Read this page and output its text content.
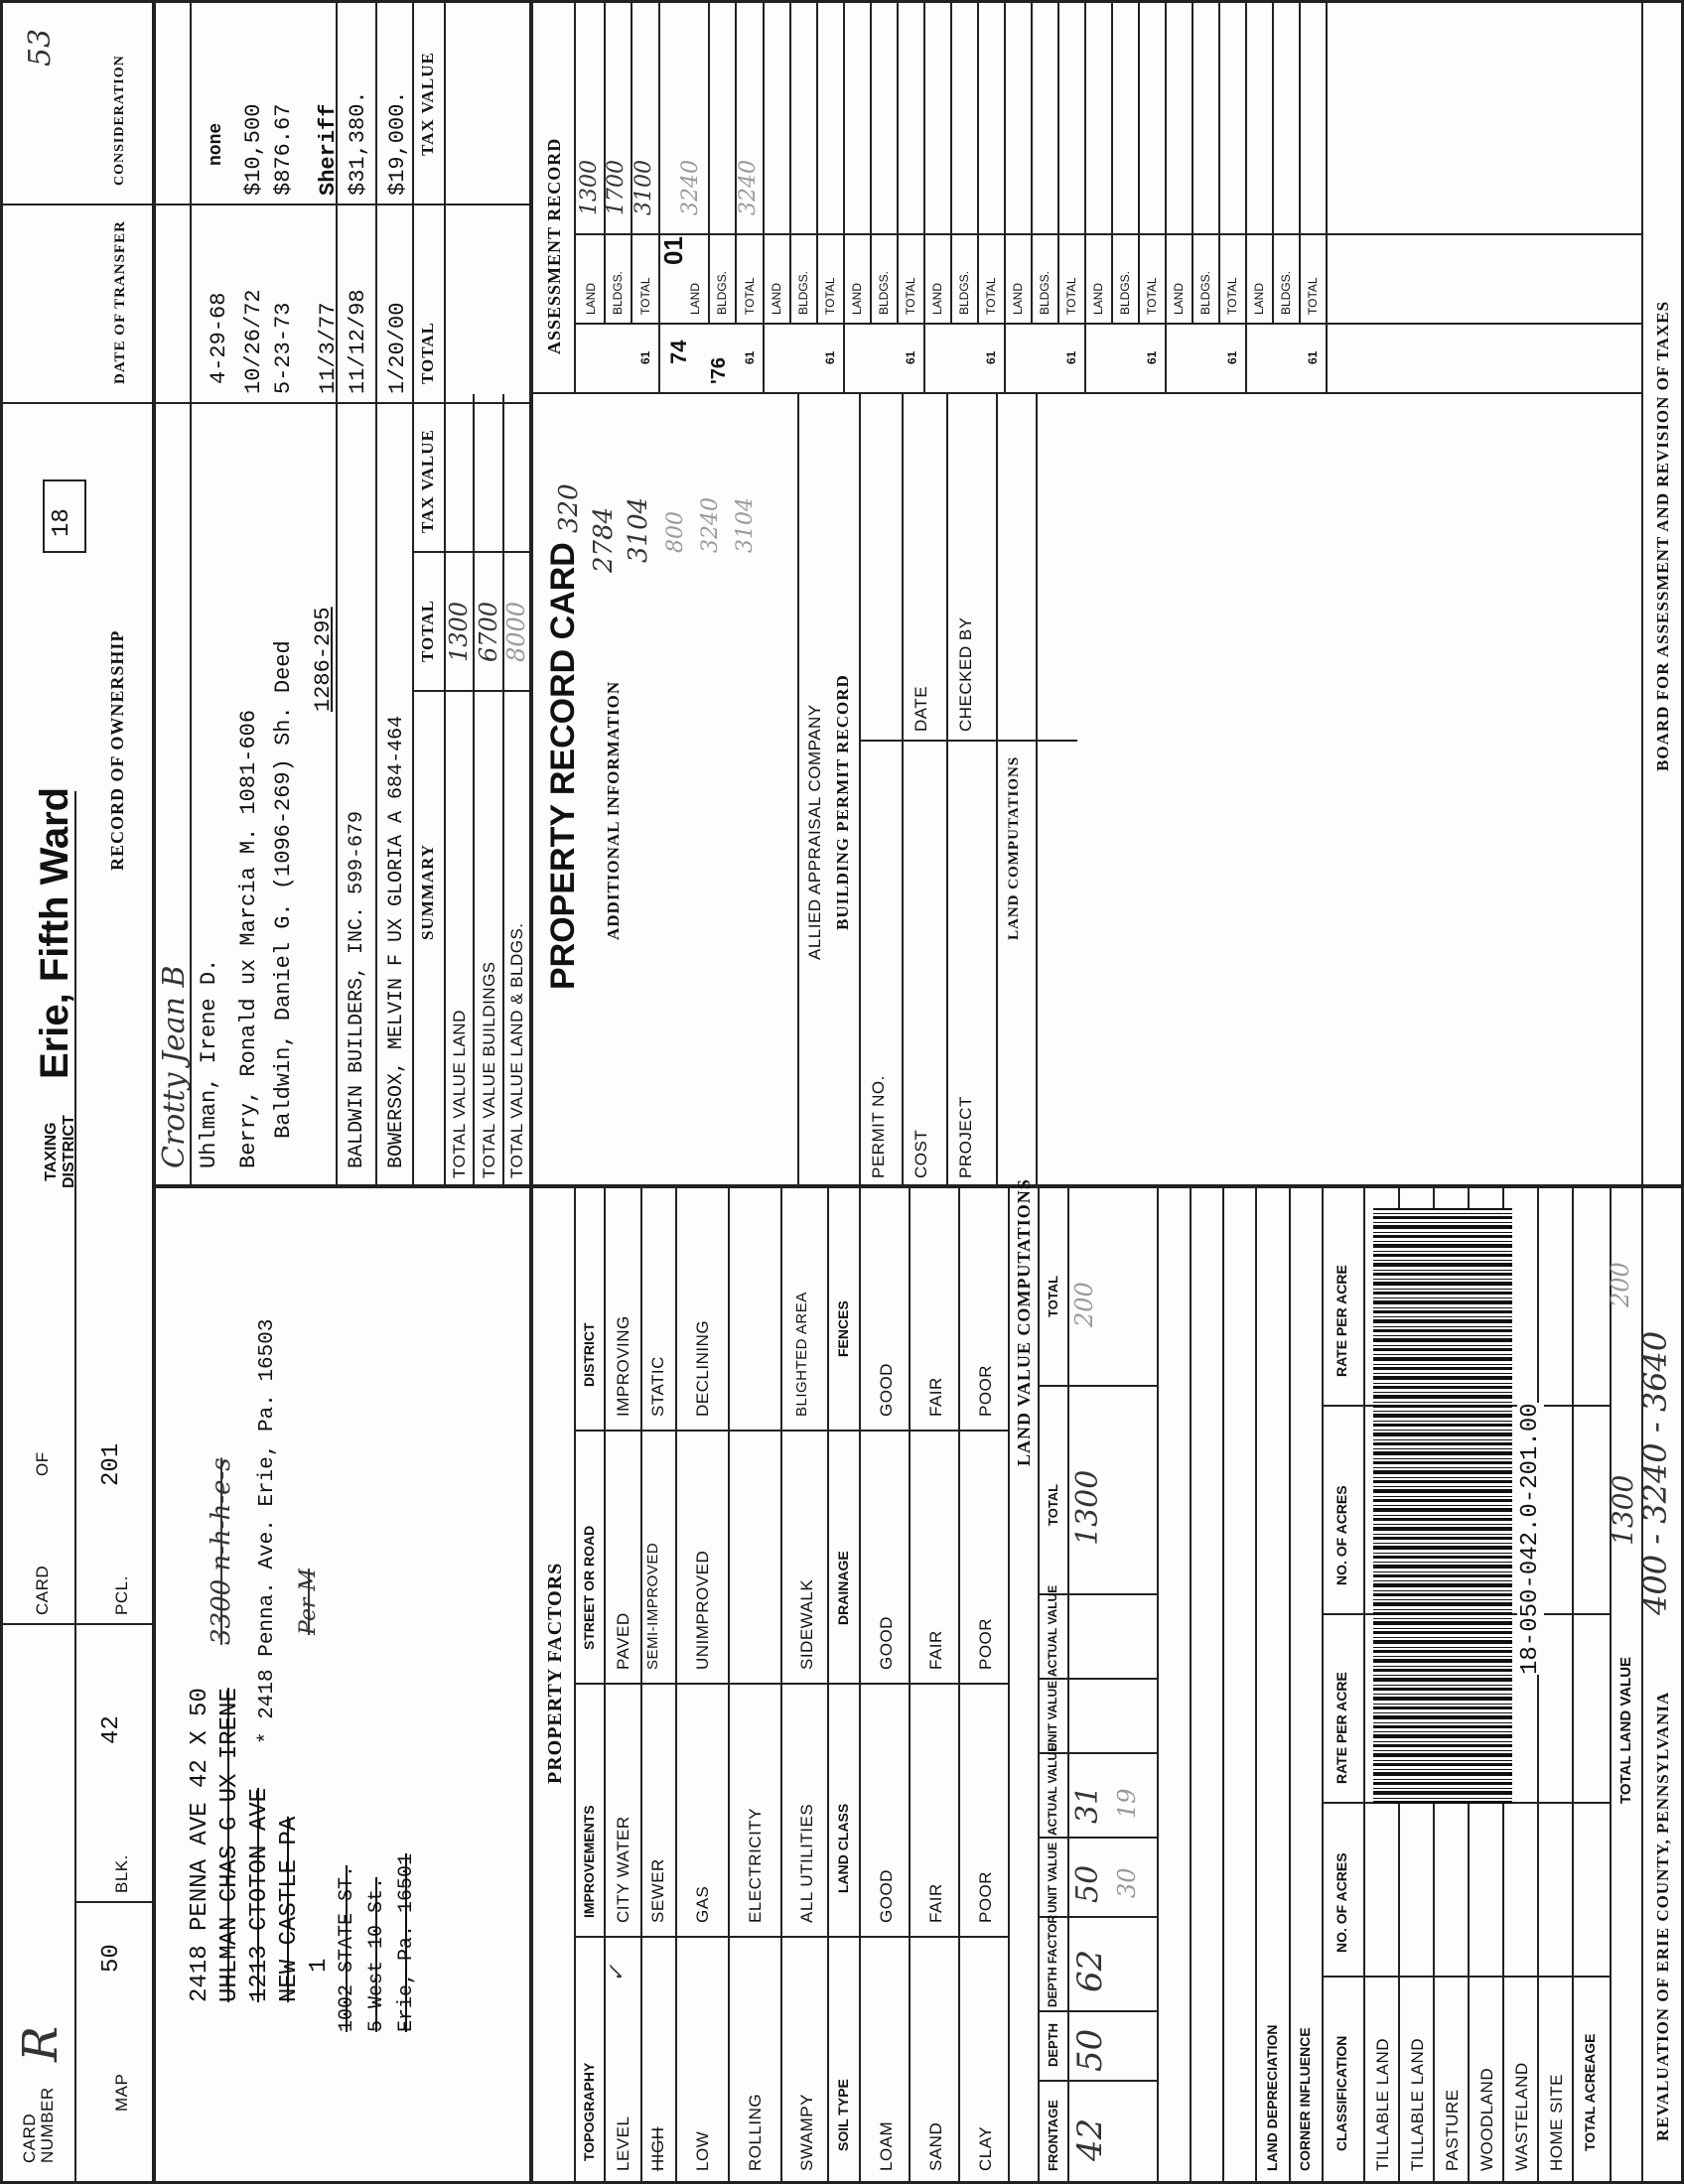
CARD
NUMBER
R
MAP
50
BLK.
42
CARD
OF
PCL.
201
TAXING
DISTRICT
Erie, Fifth Ward
18
53
2418 PENNA AVE 42 X 50 UHLMAN CHAS G UX IRENE 1213 CTOTON AVE NEW CASTLE PA 1 1002 STATE ST. 5 West 10 St. Erie, Pa. 16501
* 2418 Penna. Ave. Erie, Pa. 16503
3300 n-h-h-e-s	Per M
RECORD OF OWNERSHIP
DATE OF TRANSFER
CONSIDERATION
Crotty Jean B Uhlman, Irene D.
4-29-68
none
Berry, Ronald ux Marcia M. 1081-606
10/26/72
$10,500
Baldwin, Daniel G. (1096-269) Sh. Deed
5-23-73
$876.67
1286-295
11/3/77
Sheriff
BALDWIN BUILDERS, INC. 599-679
11/12/98
$31,380.
BOWERSOX, MELVIN F UX GLORIA A 684-464
1/20/00
$19,000.
SUMMARY
TOTAL
TAX VALUE
TOTAL
TAX VALUE
TOTAL VALUE LAND
1300
TOTAL VALUE BUILDINGS
6700
TOTAL VALUE LAND & BLDGS.
8000
PROPERTY FACTORS
TOPOGRAPHY
IMPROVEMENTS
STREET OR ROAD
DISTRICT
LEVEL
✓
CITY WATER
PAVED
IMPROVING
HIGH
SEWER
SEMI-IMPROVED
STATIC
LOW
GAS
UNIMPROVED
DECLINING
ROLLING
ELECTRICITY
SWAMPY
ALL UTILITIES
SIDEWALK
BLIGHTED AREA
SOIL TYPE
LAND CLASS
DRAINAGE
FENCES
LOAM
GOOD
GOOD
GOOD
SAND
FAIR
FAIR
FAIR
CLAY
POOR
POOR
POOR LAND VALUE COMPUTATIONS
FRONTAGE
DEPTH
DEPTH FACTOR
UNIT VALUE
ACTUAL VALUE
UNIT VALUE
ACTUAL VALUE
TOTAL
TOTAL
42
50
62
50
31
1300
200
30
19
LAND DEPRECIATION CORNER INFLUENCE CLASSIFICATION
NO. OF ACRES
RATE PER ACRE
NO. OF ACRES
RATE PER ACRE
TILLABLE LAND TILLABLE LAND PASTURE WOODLAND WASTELAND HOME SITE TOTAL ACREAGE
18-050-042.0-201.00
TOTAL LAND VALUE
1300
200
PROPERTY RECORD CARD ADDITIONAL INFORMATION
320 2784 3104 800 3240 3104
ALLIED APPRAISAL COMPANY BUILDING PERMIT RECORD
PERMIT NO. COST
DATE
PROJECT
CHECKED BY
LAND COMPUTATIONS
ASSESSMENT RECORD LAND
1300
BLDGS.
1700
TOTAL
3100
61 74
01
LAND
3240
BLDGS.
'76
TOTAL
3240
61
LAND BLDGS. TOTAL
61
LAND BLDGS. TOTAL
61
LAND BLDGS. TOTAL
61
LAND BLDGS. TOTAL
61
LAND BLDGS. TOTAL
61
LAND BLDGS. TOTAL
61
LAND BLDGS. TOTAL
61
REVALUATION OF ERIE COUNTY, PENNSYLVANIA
400 - 3240 - 3640
BOARD FOR ASSESSMENT AND REVISION OF TAXES
